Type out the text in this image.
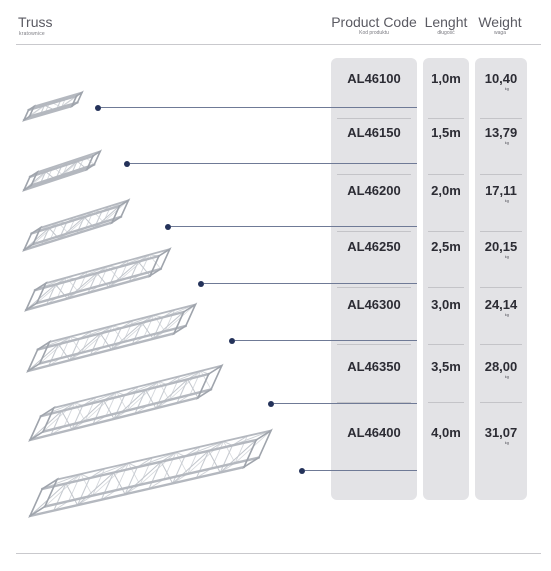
Truss
kratownice
Product Code
Kod produktu
Lenght
długość
Weight
waga
AL46100	1,0m	10,40
kg
AL46150	1,5m	13,79
kg
AL46200	2,0m	17,11
kg
AL46250	2,5m	20,15
kg
AL46300	3,0m	24,14
kg
AL46350	3,5m	28,00
kg
AL46400	4,0m	31,07
kg
